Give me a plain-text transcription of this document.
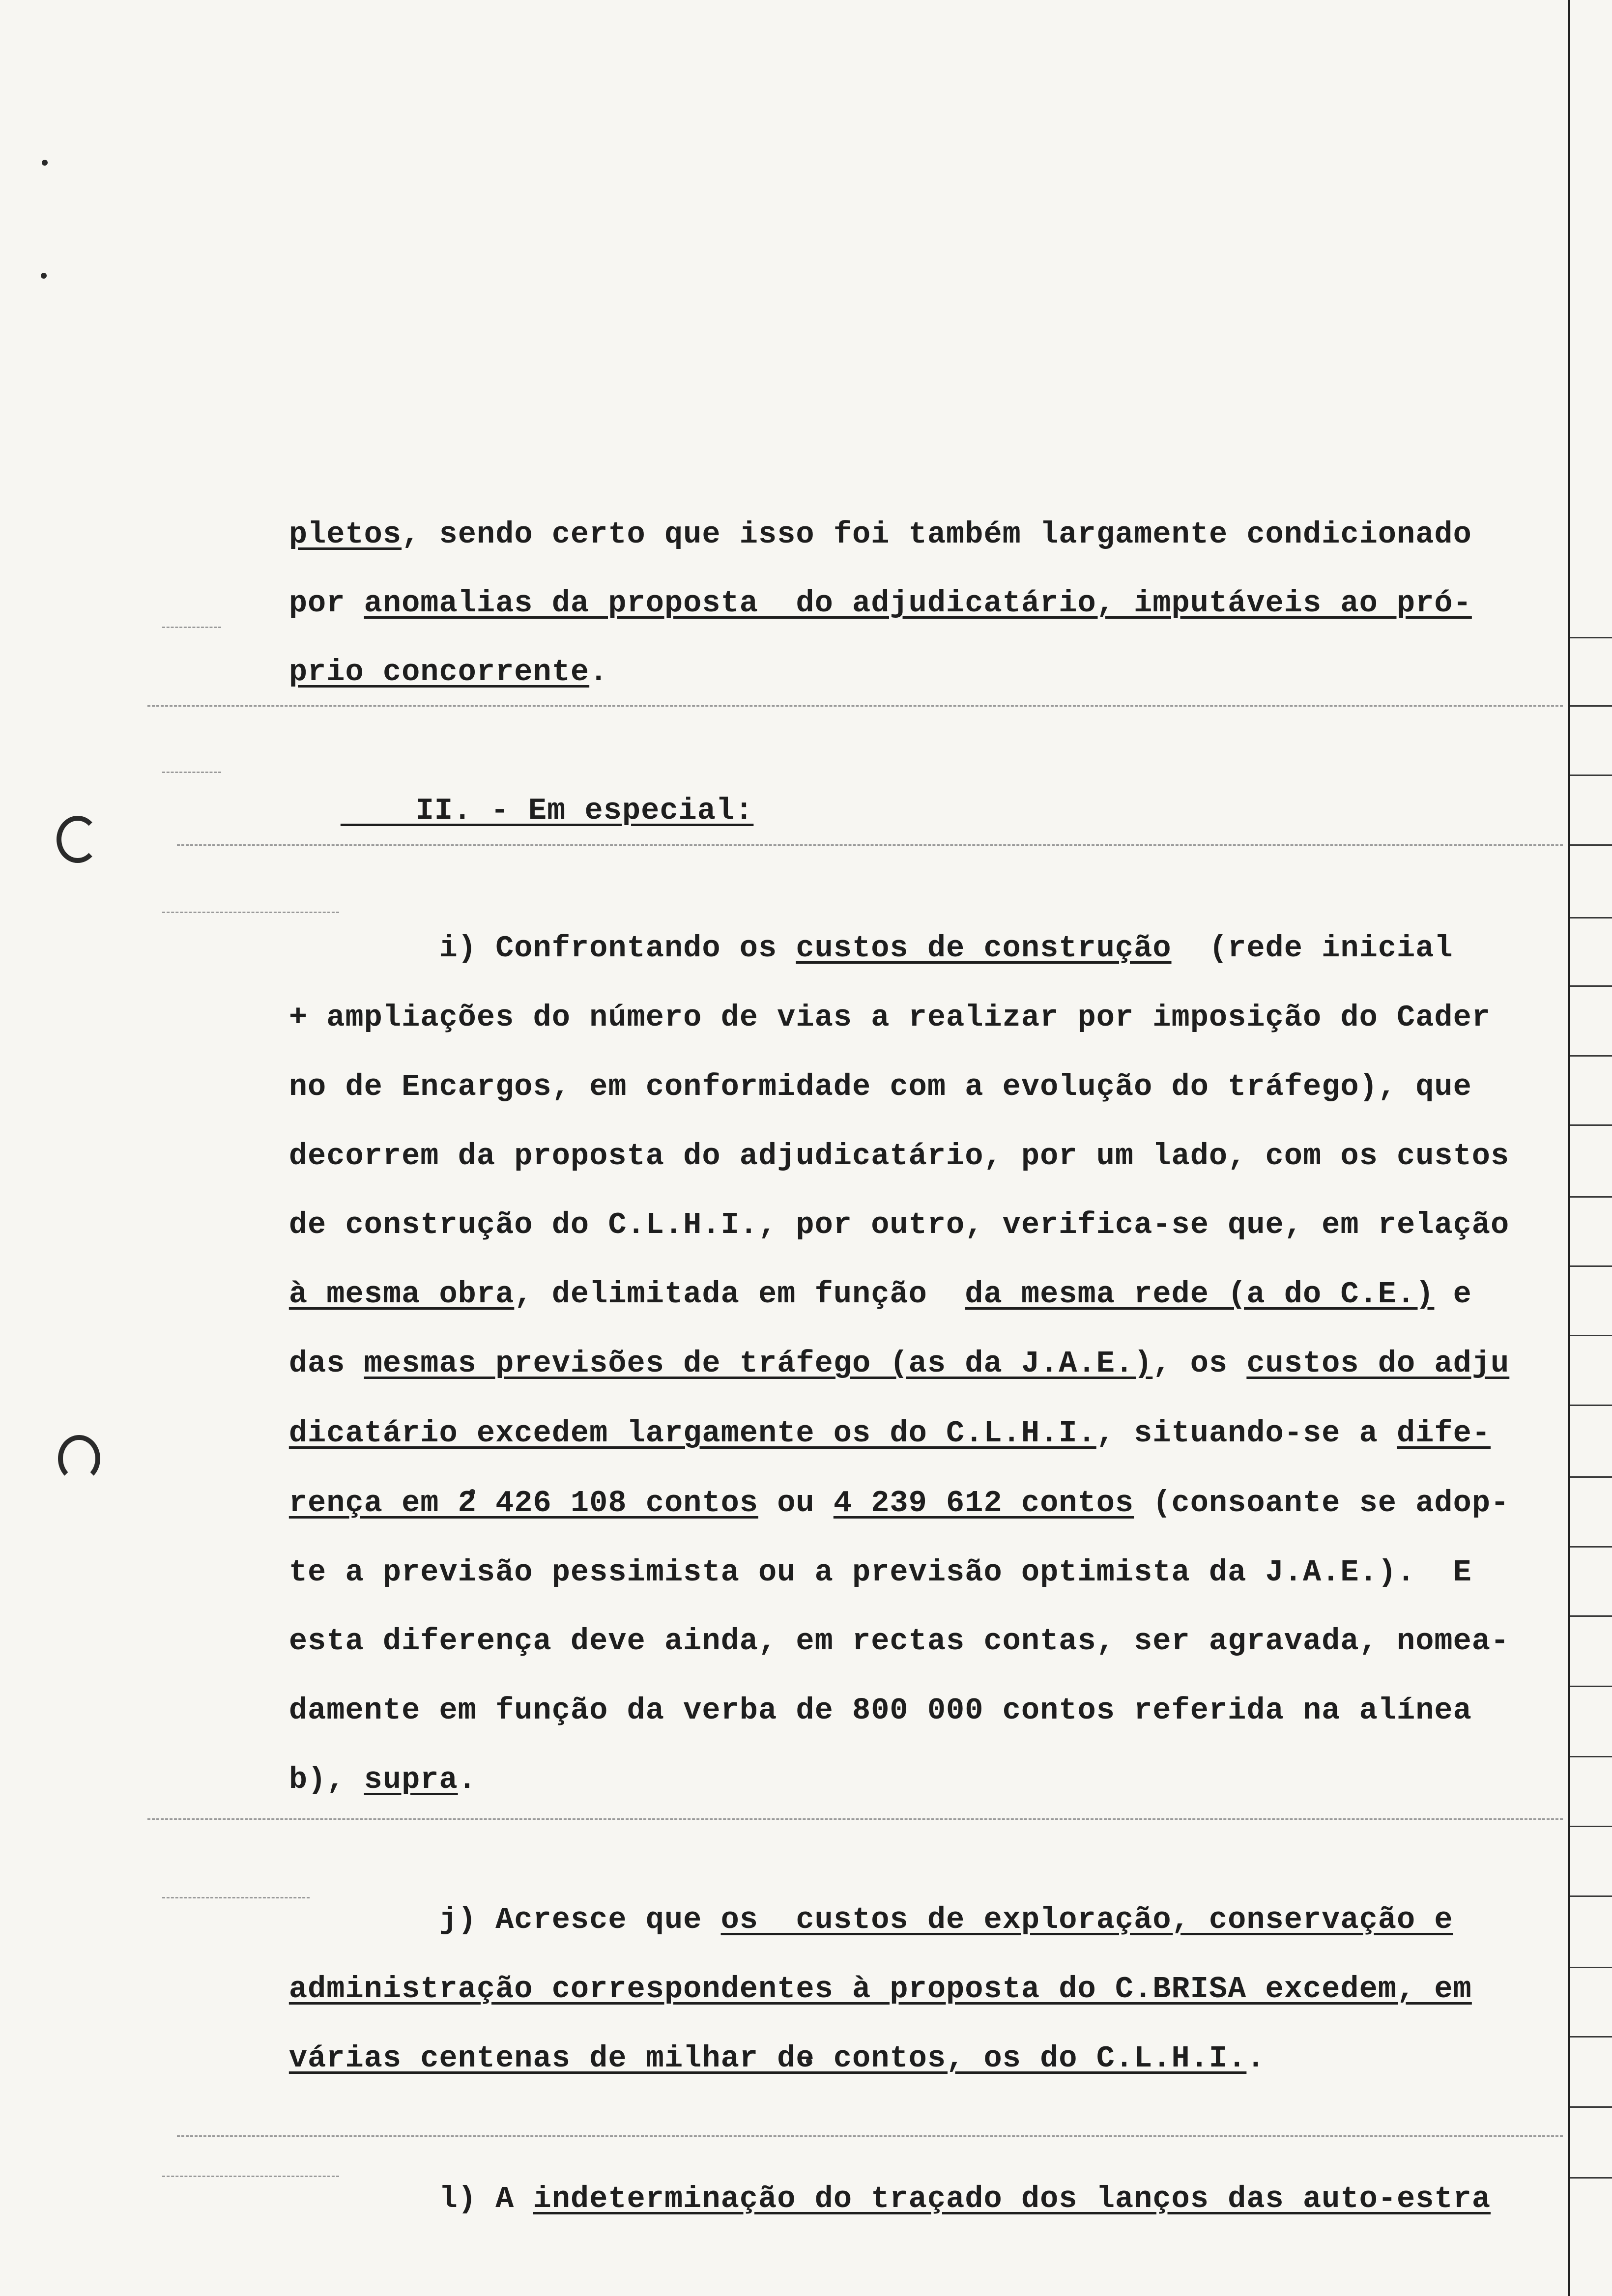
pletos, sendo certo que isso foi também largamente condicionado

por anomalias da proposta  do adjudicatário, imputáveis ao pró-

prio concorrente.

II. - Em especial:

i) Confrontando os custos de construção  (rede inicial

+ ampliações do número de vias a realizar por imposição do Cader

no de Encargos, em conformidade com a evolução do tráfego), que

decorrem da proposta do adjudicatário, por um lado, com os custos

de construção do C.L.H.I., por outro, verifica-se que, em relação

à mesma obra, delimitada em função  da mesma rede (a do C.E.) e

das mesmas previsões de tráfego (as da J.A.E.), os custos do adju

dicatário excedem largamente os do C.L.H.I., situando-se a dife-

rença em 2 426 108 contos ou 4 239 612 contos (consoante se adop-

te a previsão pessimista ou a previsão optimista da J.A.E.).  E

esta diferença deve ainda, em rectas contas, ser agravada, nomea-

damente em função da verba de 800 000 contos referida na alínea

b), supra.

j) Acresce que os  custos de exploração, conservação e

administração correspondentes à proposta do C.BRISA excedem, em

várias centenas de milhar de contos, os do C.L.H.I..

l) A indeterminação do traçado dos lanços das auto-estra
